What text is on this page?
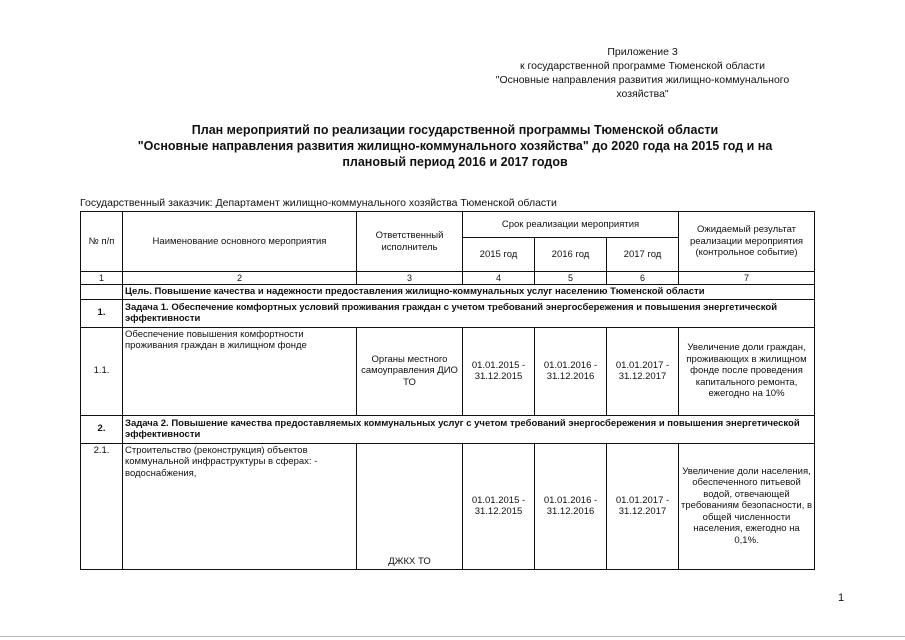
Приложение 3
к государственной программе Тюменской области
"Основные направления развития жилищно-коммунального хозяйства"
План мероприятий по реализации государственной программы Тюменской области
"Основные направления развития жилищно-коммунального хозяйства" до 2020 года на 2015 год и на
плановый период 2016 и 2017 годов
Государственный заказчик: Департамент жилищно-коммунального хозяйства Тюменской области
№ п/п	Наименование основного мероприятия	Ответственный исполнитель	Срок реализации мероприятия			Ожидаемый результат реализации мероприятия (контрольное событие)
			2015 год	2016 год	2017 год	
1	2	3	4	5	6	7
	Цель. Повышение качества и надежности предоставления жилищно-коммунальных услуг населению Тюменской области					
1.	Задача 1. Обеспечение комфортных условий проживания граждан с учетом требований энергосбережения и повышения энергетической эффективности					
1.1.	Обеспечение повышения комфортности проживания граждан в жилищном фонде	Органы местного самоуправления ДИО ТО	01.01.2015 - 31.12.2015	01.01.2016 - 31.12.2016	01.01.2017 - 31.12.2017	Увеличение доли граждан, проживающих в жилищном фонде после проведения капитального ремонта, ежегодно на 10%
2.	Задача 2. Повышение качества предоставляемых коммунальных услуг с учетом требований энергосбережения и повышения энергетической эффективности					
2.1.	Строительство (реконструкция) объектов коммунальной инфраструктуры в сферах: - водоснабжения,	ДЖКХ ТО	01.01.2015 - 31.12.2015	01.01.2016 - 31.12.2016	01.01.2017 - 31.12.2017	Увеличение доли населения, обеспеченного питьевой водой, отвечающей требованиям безопасности, в общей численности населения, ежегодно на 0,1%.
1
